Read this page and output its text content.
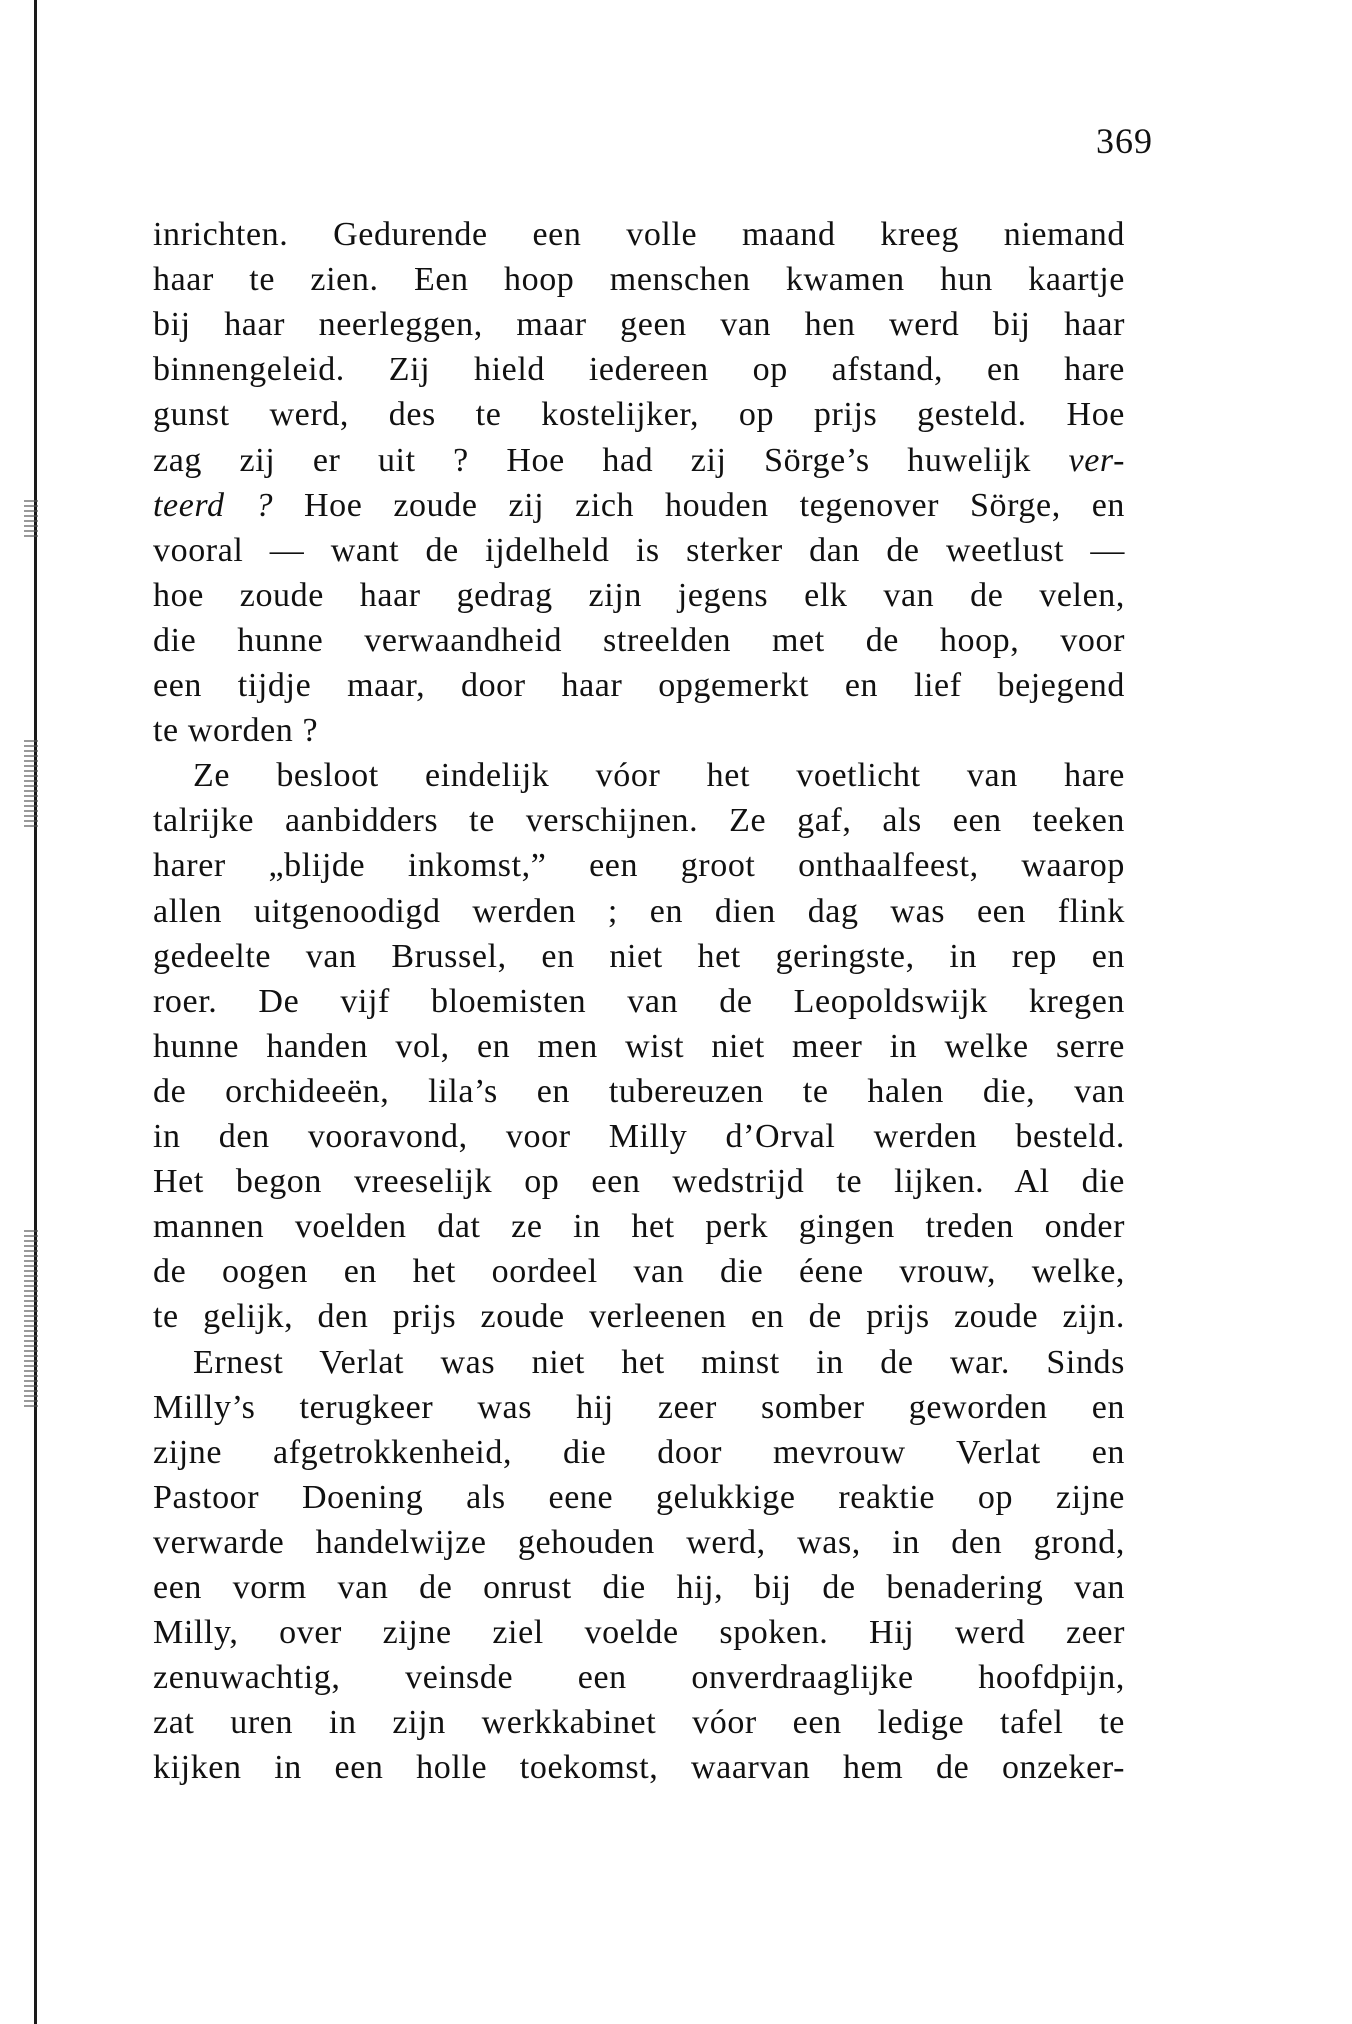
369
inrichten. Gedurende een volle maand kreeg niemand
haar te zien. Een hoop menschen kwamen hun kaartje
bij haar neerleggen, maar geen van hen werd bij haar
binnengeleid. Zij hield iedereen op afstand, en hare
gunst werd, des te kostelijker, op prijs gesteld. Hoe
zag zij er uit ? Hoe had zij Sörge’s huwelijk ver-
teerd ? Hoe zoude zij zich houden tegenover Sörge, en
vooral — want de ijdelheld is sterker dan de weetlust —
hoe zoude haar gedrag zijn jegens elk van de velen,
die hunne verwaandheid streelden met de hoop, voor
een tijdje maar, door haar opgemerkt en lief bejegend
te worden ?
Ze besloot eindelijk vóor het voetlicht van hare
talrijke aanbidders te verschijnen. Ze gaf, als een teeken
harer „blijde inkomst,” een groot onthaalfeest, waarop
allen uitgenoodigd werden ; en dien dag was een flink
gedeelte van Brussel, en niet het geringste, in rep en
roer. De vijf bloemisten van de Leopoldswijk kregen
hunne handen vol, en men wist niet meer in welke serre
de orchideeën, lila’s en tubereuzen te halen die, van
in den vooravond, voor Milly d’Orval werden besteld.
Het begon vreeselijk op een wedstrijd te lijken. Al die
mannen voelden dat ze in het perk gingen treden onder
de oogen en het oordeel van die éene vrouw, welke,
te gelijk, den prijs zoude verleenen en de prijs zoude zijn.
Ernest Verlat was niet het minst in de war. Sinds
Milly’s terugkeer was hij zeer somber geworden en
zijne afgetrokkenheid, die door mevrouw Verlat en
Pastoor Doening als eene gelukkige reaktie op zijne
verwarde handelwijze gehouden werd, was, in den grond,
een vorm van de onrust die hij, bij de benadering van
Milly, over zijne ziel voelde spoken. Hij werd zeer
zenuwachtig, veinsde een onverdraaglijke hoofdpijn,
zat uren in zijn werkkabinet vóor een ledige tafel te
kijken in een holle toekomst, waarvan hem de onzeker-
